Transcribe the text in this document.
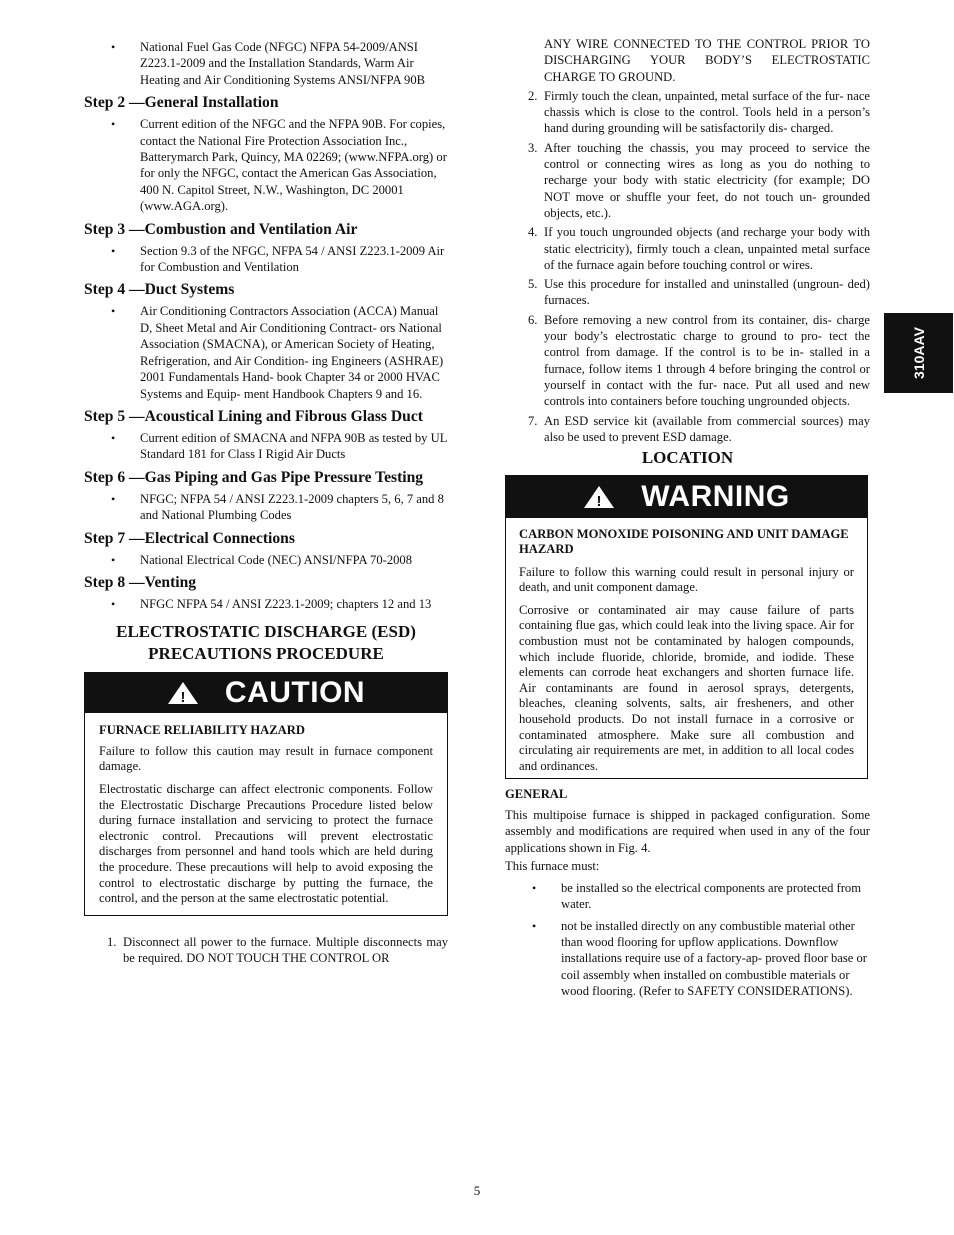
310AAV
• National Fuel Gas Code (NFGC) NFPA 54‑2009/ANSI Z223.1‑2009 and the Installation Standards, Warm Air Heating and Air Conditioning Systems ANSI/NFPA 90B
Step 2 —General Installation
• Current edition of the NFGC and the NFPA 90B. For copies, contact the National Fire Protection Association Inc., Batterymarch Park, Quincy, MA 02269; (www.NFPA.org) or for only the NFGC, contact the American Gas Association, 400 N. Capitol Street, N.W., Washington, DC 20001 (www.AGA.org).
Step 3 —Combustion and Ventilation Air
• Section 9.3 of the NFGC, NFPA 54 / ANSI Z223.1‑2009 Air for Combustion and Ventilation
Step 4 —Duct Systems
• Air Conditioning Contractors Association (ACCA) Manual D, Sheet Metal and Air Conditioning Contract‑ ors National Association (SMACNA), or American Society of Heating, Refrigeration, and Air Condition‑ ing Engineers (ASHRAE) 2001 Fundamentals Hand‑ book Chapter 34 or 2000 HVAC Systems and Equip‑ ment Handbook Chapters 9 and 16.
Step 5 —Acoustical Lining and Fibrous Glass Duct
• Current edition of SMACNA and NFPA 90B as tested by UL Standard 181 for Class I Rigid Air Ducts
Step 6 —Gas Piping and Gas Pipe Pressure Testing
• NFGC; NFPA 54 / ANSI Z223.1‑2009 chapters 5, 6, 7 and 8 and National Plumbing Codes
Step 7 —Electrical Connections
• National Electrical Code (NEC) ANSI/NFPA 70‑2008
Step 8 —Venting
• NFGC NFPA 54 / ANSI Z223.1‑2009; chapters 12 and 13
ELECTROSTATIC DISCHARGE (ESD) PRECAUTIONS PROCEDURE
! CAUTION
FURNACE RELIABILITY HAZARD

Failure to follow this caution may result in furnace component damage.

Electrostatic discharge can affect electronic components. Follow the Electrostatic Discharge Precautions Procedure listed below during furnace installation and servicing to protect the furnace electronic control. Precautions will prevent electrostatic discharges from personnel and hand tools which are held during the procedure. These precautions will help to avoid exposing the control to electrostatic discharge by putting the furnace, the control, and the person at the same electrostatic potential.

1. Disconnect all power to the furnace. Multiple disconnects may be required. DO NOT TOUCH THE CONTROL OR
ANY WIRE CONNECTED TO THE CONTROL PRIOR TO DISCHARGING YOUR BODY’S ELECTROSTATIC CHARGE TO GROUND.
2. Firmly touch the clean, unpainted, metal surface of the fur‑ nace chassis which is close to the control. Tools held in a person’s hand during grounding will be satisfactorily dis‑ charged.
3. After touching the chassis, you may proceed to service the control or connecting wires as long as you do nothing to recharge your body with static electricity (for example; DO NOT move or shuffle your feet, do not touch un‑ grounded objects, etc.).
4. If you touch ungrounded objects (and recharge your body with static electricity), firmly touch a clean, unpainted metal surface of the furnace again before touching control or wires.
5. Use this procedure for installed and uninstalled (ungroun‑ ded) furnaces.
6. Before removing a new control from its container, dis‑ charge your body’s electrostatic charge to ground to pro‑ tect the control from damage. If the control is to be in‑ stalled in a furnace, follow items 1 through 4 before bringing the control or yourself in contact with the fur‑ nace. Put all used and new controls into containers before touching ungrounded objects.
7. An ESD service kit (available from commercial sources) may also be used to prevent ESD damage.
LOCATION
! WARNING
CARBON MONOXIDE POISONING AND UNIT DAMAGE HAZARD

Failure to follow this warning could result in personal injury or death, and unit component damage.

Corrosive or contaminated air may cause failure of parts containing flue gas, which could leak into the living space. Air for combustion must not be contaminated by halogen compounds, which include fluoride, chloride, bromide, and iodide. These elements can corrode heat exchangers and shorten furnace life. Air contaminants are found in aerosol sprays, detergents, bleaches, cleaning solvents, salts, air fresheners, and other household products. Do not install furnace in a corrosive or contaminated atmosphere. Make sure all combustion and circulating air requirements are met, in addition to all local codes and ordinances.

GENERAL

This multipoise furnace is shipped in packaged configuration. Some assembly and modifications are required when used in any of the four applications shown in Fig. 4.

This furnace must:

• be installed so the electrical components are protected from water.
• not be installed directly on any combustible material other than wood flooring for upflow applications. Downflow installations require use of a factory‑ap‑ proved floor base or coil assembly when installed on combustible materials or wood flooring. (Refer to SAFETY CONSIDERATIONS).
5
